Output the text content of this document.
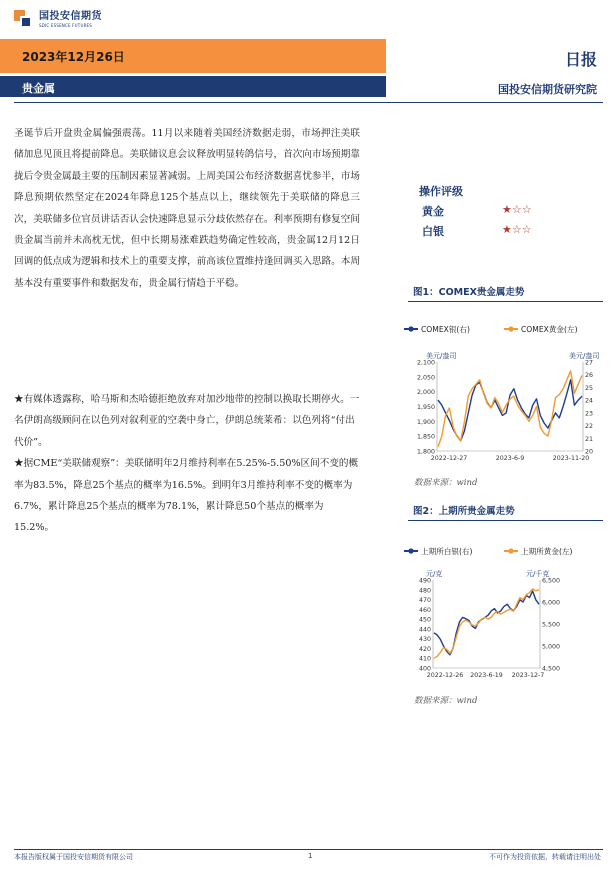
国投安信期货
SDIC ESSENCE FUTURES
2023年12月26日	日报
贵金属	国投安信期货研究院
圣诞节后开盘贵金属偏强震荡。11月以来随着美国经济数据走弱，市场押注美联储加息见顶且将提前降息。美联储议息会议释放明显转鸽信号，首次向市场预期靠拢后令贵金属最主要的压制因素显著减弱。上周美国公布经济数据喜忧参半，市场降息预期依然坚定在2024年降息125个基点以上，继续领先于美联储的降息三次，美联储多位官员讲话否认会快速降息显示分歧依然存在。利率预期有修复空间贵金属当前并未高枕无忧，但中长期易涨难跌趋势确定性较高，贵金属12月12日回调的低点成为逻辑和技术上的重要支撑，前高该位置维持逢回调买入思路。本周基本没有重要事件和数据发布，贵金属行情趋于平稳。

★有媒体透露称，哈马斯和杰哈德拒绝放弃对加沙地带的控制以换取长期停火。一名伊朗高级顾问在以色列对叙利亚的空袭中身亡，伊朗总统莱希：以色列将“付出代价”。

★据CME“美联储观察”：美联储明年2月维持利率在5.25%-5.50%区间不变的概率为83.5%，降息25个基点的概率为16.5%。到明年3月维持利率不变的概率为6.7%，累计降息25个基点的概率为78.1%，累计降息50个基点的概率为15.2%。

操作评级
黄金	★☆☆
白银	★☆☆
图1：COMEX贵金属走势
COMEX银(右)	COMEX黄金(左)
美元/盎司	美元/盎司
1,800
1,850
1,900
1,950
2,000
2,050
2,100
20
21
22
23
24
25
26
27
2022-12-27	2023-6-9	2023-11-20
数据来源：wind
图2：上期所贵金属走势
上期所白银(右)	上期所黄金(左)
元/克	元/千克
400
410
420
430
440
450
460
470
480
490
4,500
5,000
5,500
6,000
6,500
2022-12-26 2023-6-19 2023-12-7
数据来源：wind
本报告版权属于国投安信期货有限公司	1	不可作为投资依据，转载请注明出处
